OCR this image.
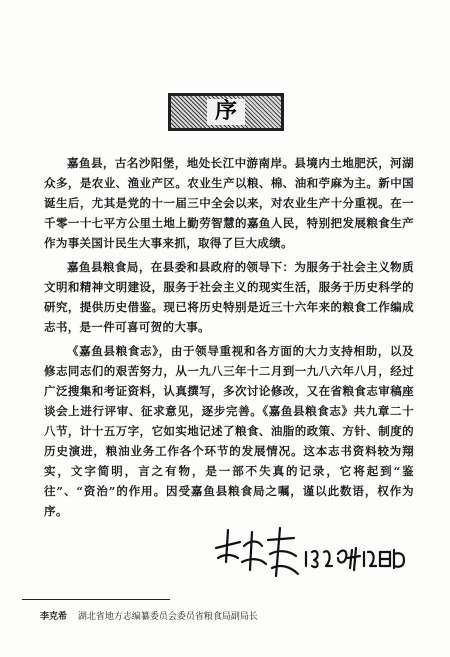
序

嘉鱼县，古名沙阳堡，地处长江中游南岸。县境内土地肥沃，河湖众多，是农业、渔业产区。农业生产以粮、棉、油和苧麻为主。新中国诞生后，尤其是党的十一届三中全会以来，对农业生产十分重视。在一千零一十七平方公里土地上勤劳智慧的嘉鱼人民，特别把发展粮食生产作为事关国计民生大事来抓，取得了巨大成绩。

嘉鱼县粮食局，在县委和县政府的领导下：为服务于社会主义物质文明和精神文明建设，服务于社会主义的现实生活，服务于历史科学的研究，提供历史借鉴。现已将历史特别是近三十六年来的粮食工作编成志书，是一件可喜可贺的大事。

《嘉鱼县粮食志》，由于领导重视和各方面的大力支持相助，以及修志同志们的艰苦努力，从一九八三年十二月到一九八六年八月，经过广泛搜集和考证资料，认真撰写，多次讨论修改，又在省粮食志审稿座谈会上进行评审、征求意见，逐步完善。《嘉鱼县粮食志》共九章二十八节，计十五万字，它如实地记述了粮食、油脂的政策、方针、制度的历史演进，粮油业务工作各个环节的发展情况。这本志书资料较为翔实，文字简明，言之有物，是一部不失真的记录，它将起到“鉴往”、“资治”的作用。因受嘉鱼县粮食局之嘱，谨以此数语，权作为序。

李克希 湖北省地方志编纂委员会委员省粮食局副局长
